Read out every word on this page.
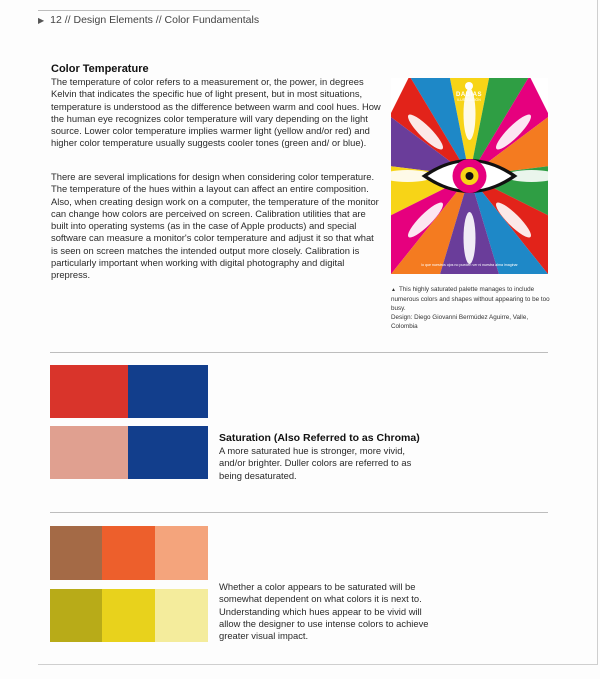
▶ 12 // Design Elements // Color Fundamentals
Color Temperature

The temperature of color refers to a measurement or, the power, in degrees Kelvin that indicates the specific hue of light present, but in most situations, temperature is understood as the difference between warm and cool hues. How the human eye recognizes color temperature will vary depending on the light source. Lower color temperature implies warmer light (yellow and/or red) and higher color temperature usually suggests cooler tones (green and/ or blue).

There are several implications for design when considering color temperature. The temperature of the hues within a layout can affect an entire composition. Also, when creating design work on a computer, the temperature of the monitor can change how colors are perceived on screen. Calibration utilities that are built into operating systems (as in the case of Apple products) and special software can measure a monitor's color temperature and adjust it so that what is seen on screen matches the intended output more closely. Calibration is particularly important when working with digital photography and digital prepress.

DABIAS
ILUSTRACIÓN
lo que nuestros ojos no pueden ver ni nuestra alma imaginar
▲ This highly saturated palette manages to include numerous colors and shapes without appearing to be too busy.
Design: Diego Giovanni Bermúdez Aguirre, Valle, Colombia
Saturation (Also Referred to as Chroma)
A more saturated hue is stronger, more vivid, and/or brighter. Duller colors are referred to as being desaturated.
Whether a color appears to be saturated will be somewhat dependent on what colors it is next to. Understanding which hues appear to be vivid will allow the designer to use intense colors to achieve greater visual impact.
